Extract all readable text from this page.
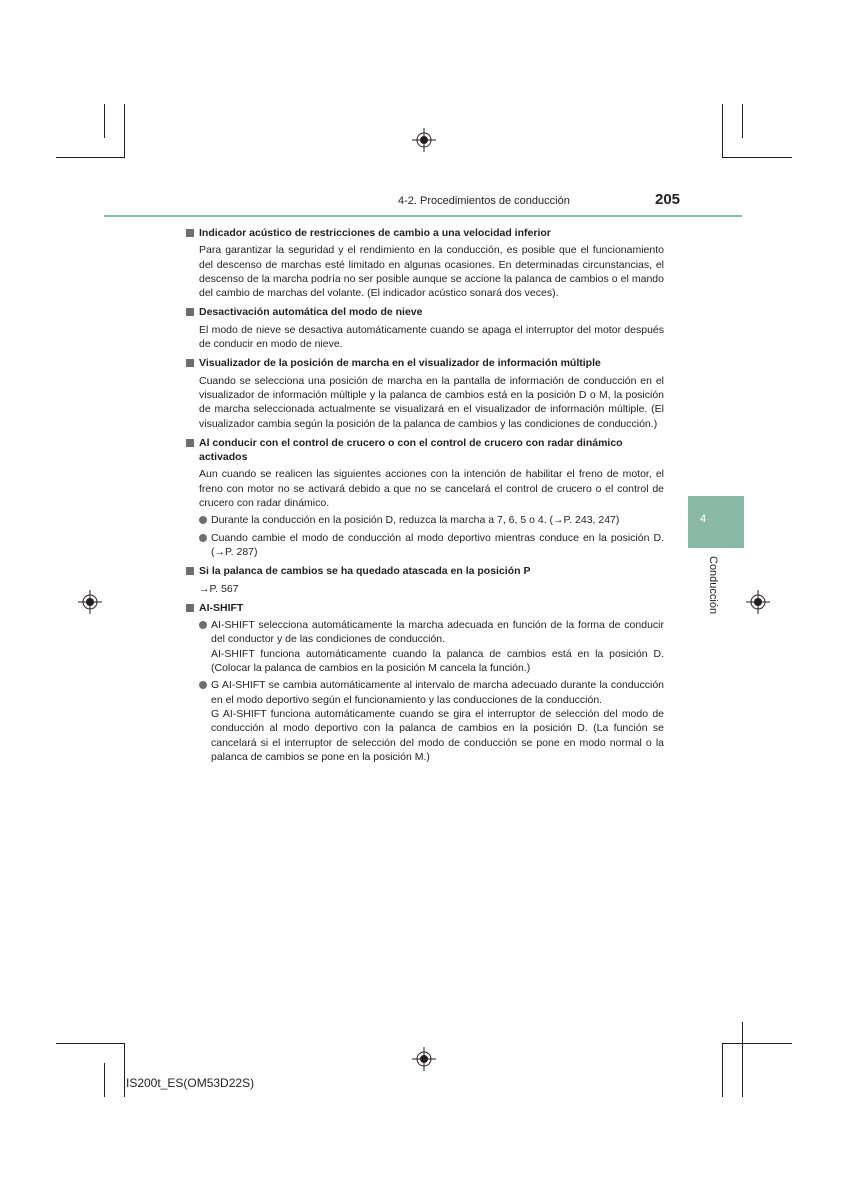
4-2. Procedimientos de conducción	205
4
Conducción
Indicador acústico de restricciones de cambio a una velocidad inferior

Para garantizar la seguridad y el rendimiento en la conducción, es posible que el funcionamiento del descenso de marchas esté limitado en algunas ocasiones. En determinadas circunstancias, el descenso de la marcha podría no ser posible aunque se accione la palanca de cambios o el mando del cambio de marchas del volante. (El indicador acústico sonará dos veces).

Desactivación automática del modo de nieve

El modo de nieve se desactiva automáticamente cuando se apaga el interruptor del motor después de conducir en modo de nieve.

Visualizador de la posición de marcha en el visualizador de información múltiple

Cuando se selecciona una posición de marcha en la pantalla de información de conducción en el visualizador de información múltiple y la palanca de cambios está en la posición D o M, la posición de marcha seleccionada actualmente se visualizará en el visualizador de información múltiple. (El visualizador cambia según la posición de la palanca de cambios y las condiciones de conducción.)

Al conducir con el control de crucero o con el control de crucero con radar dinámico activados

Aun cuando se realicen las siguientes acciones con la intención de habilitar el freno de motor, el freno con motor no se activará debido a que no se cancelará el control de crucero o el control de crucero con radar dinámico.

Durante la conducción en la posición D, reduzca la marcha a 7, 6, 5 o 4. (→P. 243, 247)
Cuando cambie el modo de conducción al modo deportivo mientras conduce en la posición D. (→P. 287)
Si la palanca de cambios se ha quedado atascada en la posición P

→P. 567

AI-SHIFT
AI-SHIFT selecciona automáticamente la marcha adecuada en función de la forma de conducir del conductor y de las condiciones de conducción.
AI-SHIFT funciona automáticamente cuando la palanca de cambios está en la posición D. (Colocar la palanca de cambios en la posición M cancela la función.)
G AI-SHIFT se cambia automáticamente al intervalo de marcha adecuado durante la conducción en el modo deportivo según el funcionamiento y las conducciones de la conducción.
G AI-SHIFT funciona automáticamente cuando se gira el interruptor de selección del modo de conducción al modo deportivo con la palanca de cambios en la posición D. (La función se cancelará si el interruptor de selección del modo de conducción se pone en modo normal o la palanca de cambios se pone en la posición M.)
IS200t_ES(OM53D22S)
